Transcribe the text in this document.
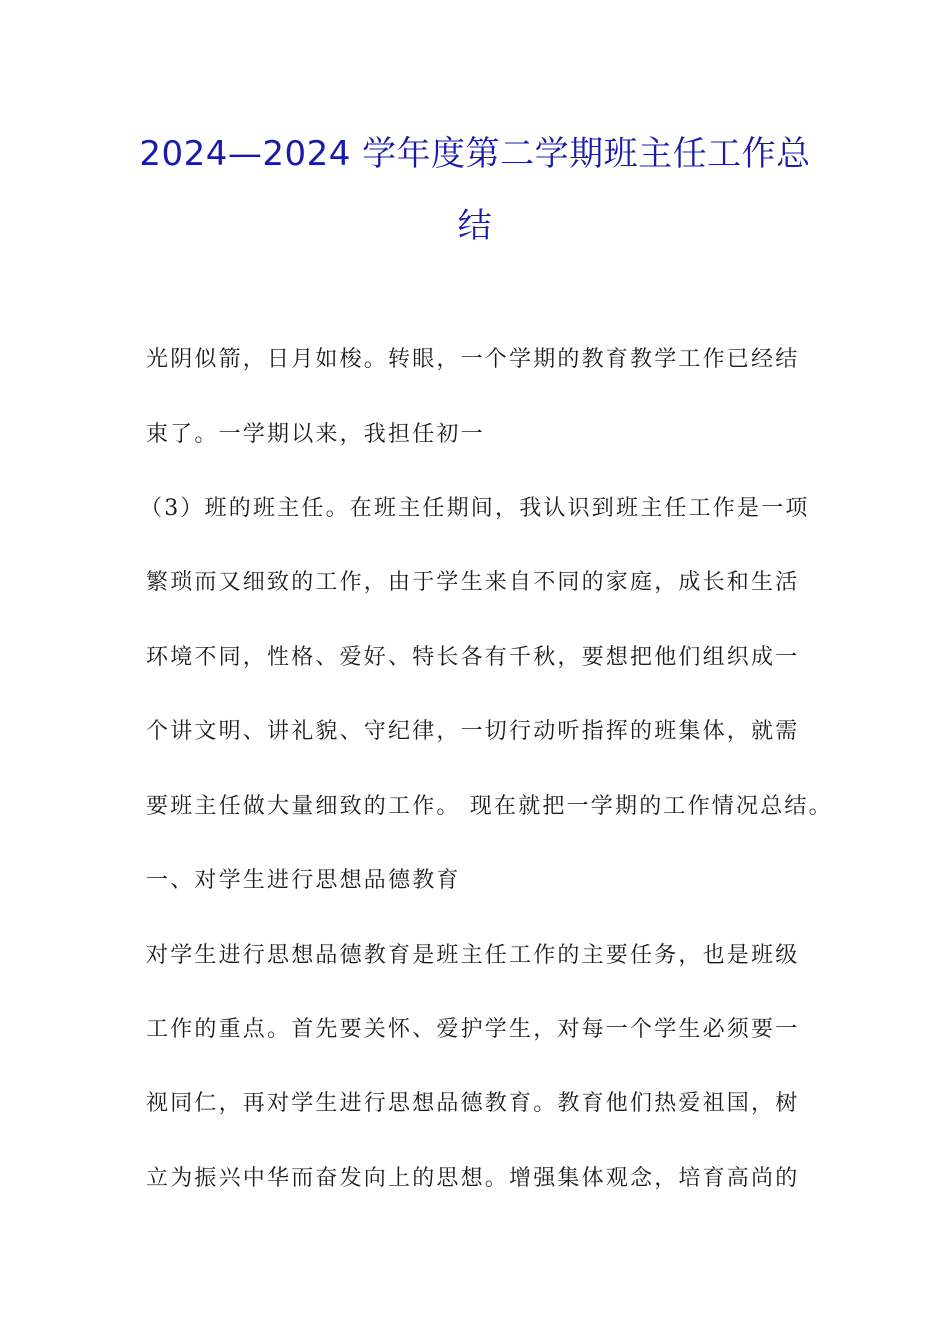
2024—2024 学年度第二学期班主任工作总
结
光阴似箭，日月如梭。转眼，一个学期的教育教学工作已经结
束了。一学期以来，我担任初一
（3）班的班主任。在班主任期间，我认识到班主任工作是一项
繁琐而又细致的工作，由于学生来自不同的家庭，成长和生活
环境不同，性格、爱好、特长各有千秋，要想把他们组织成一
个讲文明、讲礼貌、守纪律，一切行动听指挥的班集体，就需
要班主任做大量细致的工作。 现在就把一学期的工作情况总结。
一、对学生进行思想品德教育
对学生进行思想品德教育是班主任工作的主要任务，也是班级
工作的重点。首先要关怀、爱护学生，对每一个学生必须要一
视同仁，再对学生进行思想品德教育。教育他们热爱祖国，树
立为振兴中华而奋发向上的思想。增强集体观念，培育高尚的
